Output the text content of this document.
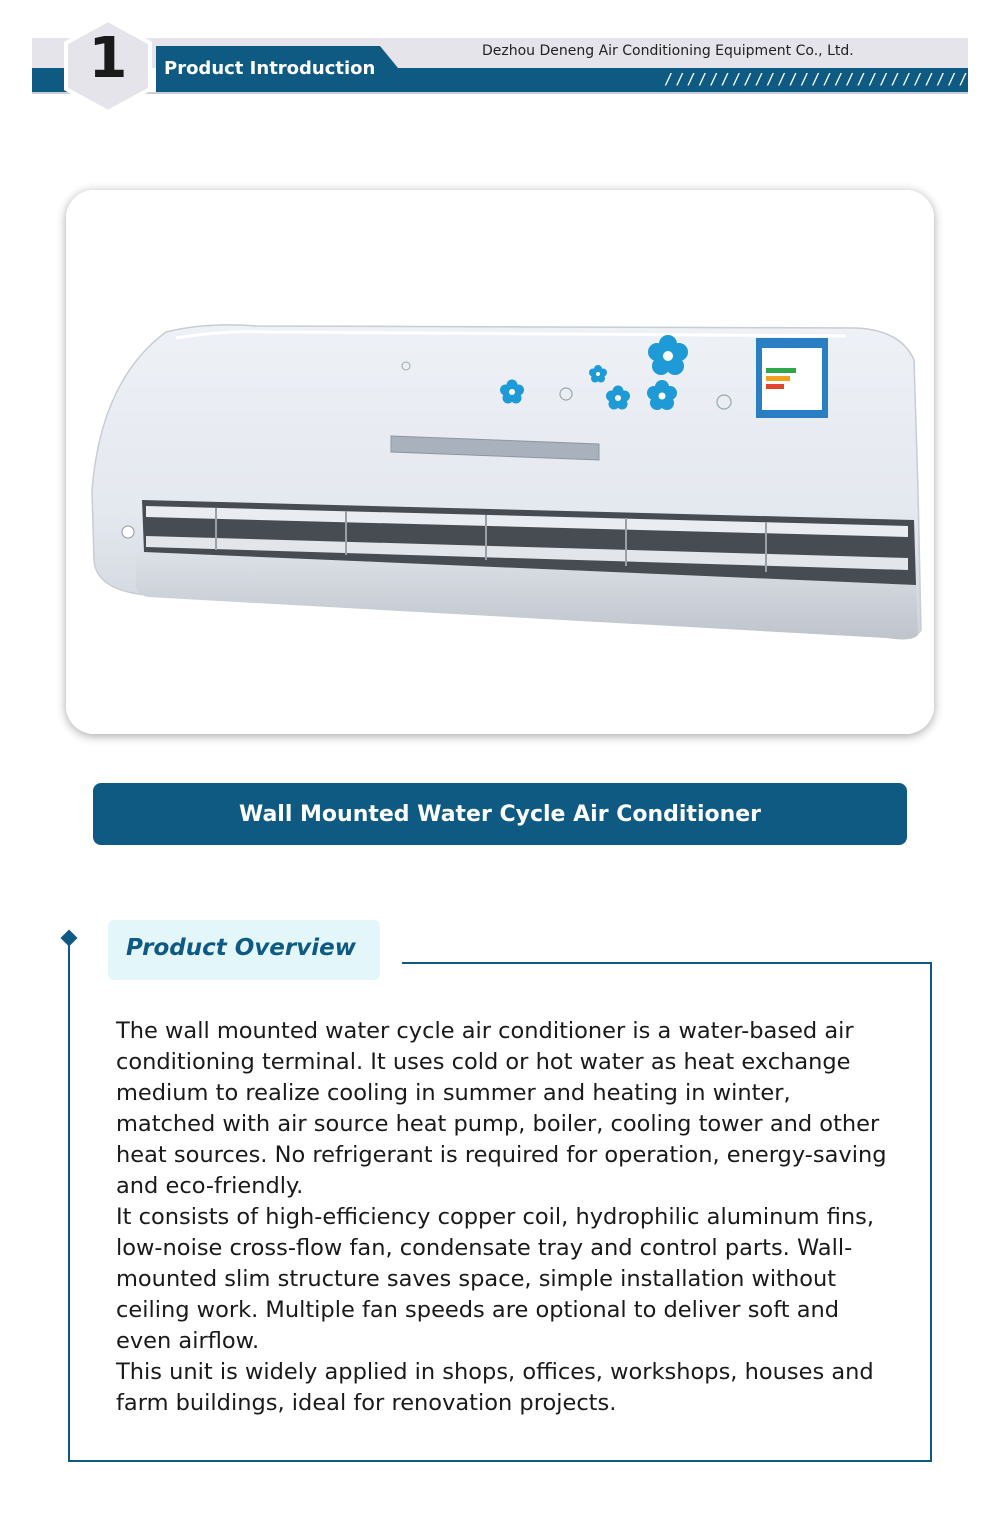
1	Product Introduction
Dezhou Deneng Air Conditioning Equipment Co., Ltd.
////////////////////////////
Wall Mounted Water Cycle Air Conditioner
Product Overview

The wall mounted water cycle air conditioner is a water-based air conditioning terminal. It uses cold or hot water as heat exchange medium to realize cooling in summer and heating in winter, matched with air source heat pump, boiler, cooling tower and other heat sources. No refrigerant is required for operation, energy-saving and eco-friendly.

It consists of high-efficiency copper coil, hydrophilic aluminum fins, low-noise cross-flow fan, condensate tray and control parts. Wall-mounted slim structure saves space, simple installation without ceiling work. Multiple fan speeds are optional to deliver soft and even airflow.

This unit is widely applied in shops, offices, workshops, houses and farm buildings, ideal for renovation projects.
